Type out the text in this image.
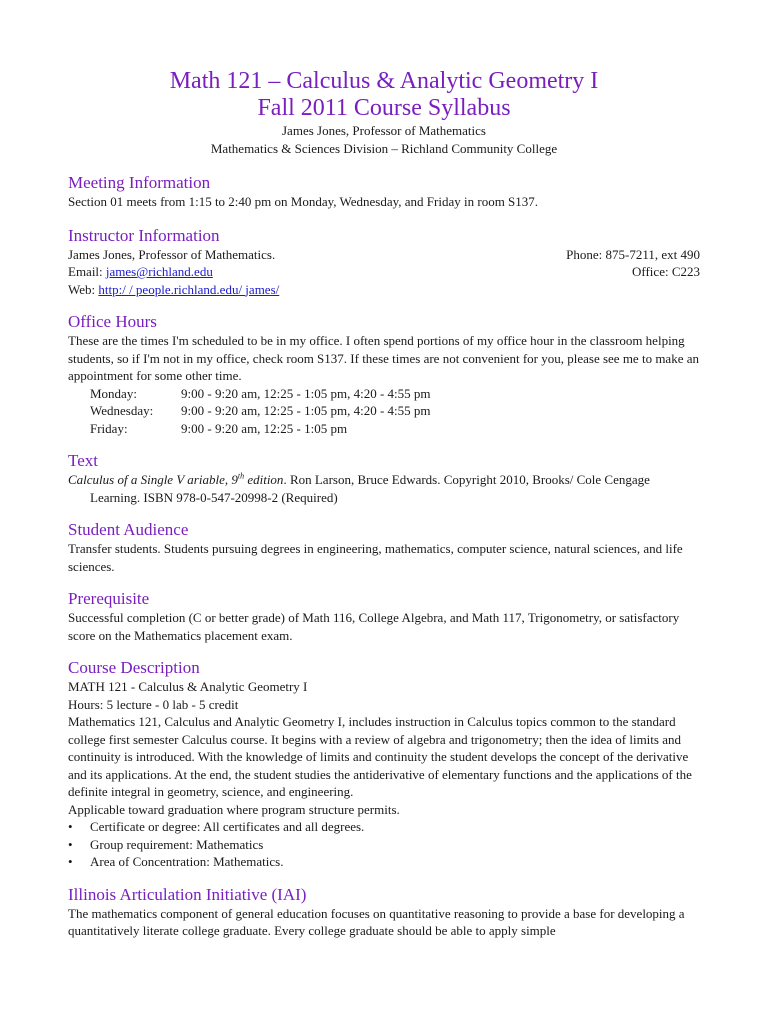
Math 121 – Calculus & Analytic Geometry I
Fall 2011 Course Syllabus
James Jones, Professor of Mathematics
Mathematics & Sciences Division – Richland Community College
Meeting Information

Section 01 meets from 1:15 to 2:40 pm on Monday, Wednesday, and Friday in room S137.

Instructor Information
James Jones, Professor of Mathematics.	Phone: 875-7211, ext 490
Email: james@richland.edu	Office: C223
Web: http:/ / people.richland.edu/ james/
Office Hours

These are the times I'm scheduled to be in my office. I often spend portions of my office hour in the classroom helping students, so if I'm not in my office, check room S137. If these times are not convenient for you, please see me to make an appointment for some other time.

Monday:	9:00 - 9:20 am, 12:25 - 1:05 pm, 4:20 - 4:55 pm
Wednesday:	9:00 - 9:20 am, 12:25 - 1:05 pm, 4:20 - 4:55 pm
Friday:	9:00 - 9:20 am, 12:25 - 1:05 pm
Text

Calculus of a Single V ariable, 9th edition. Ron Larson, Bruce Edwards. Copyright 2010, Brooks/ Cole Cengage Learning. ISBN 978-0-547-20998-2 (Required)

Student Audience

Transfer students. Students pursuing degrees in engineering, mathematics, computer science, natural sciences, and life sciences.

Prerequisite

Successful completion (C or better grade) of Math 116, College Algebra, and Math 117, Trigonometry, or satisfactory score on the Mathematics placement exam.

Course Description
MATH 121 - Calculus & Analytic Geometry I
Hours: 5 lecture - 0 lab - 5 credit

Mathematics 121, Calculus and Analytic Geometry I, includes instruction in Calculus topics common to the standard college first semester Calculus course. It begins with a review of algebra and trigonometry; then the idea of limits and continuity is introduced. With the knowledge of limits and continuity the student develops the concept of the derivative and its applications. At the end, the student studies the antiderivative of elementary functions and the applications of the definite integral in geometry, science, and engineering.

Applicable toward graduation where program structure permits.
•	Certificate or degree: All certificates and all degrees.
•	Group requirement: Mathematics
•	Area of Concentration: Mathematics.
Illinois Articulation Initiative (IAI)

The mathematics component of general education focuses on quantitative reasoning to provide a base for developing a quantitatively literate college graduate. Every college graduate should be able to apply simple
